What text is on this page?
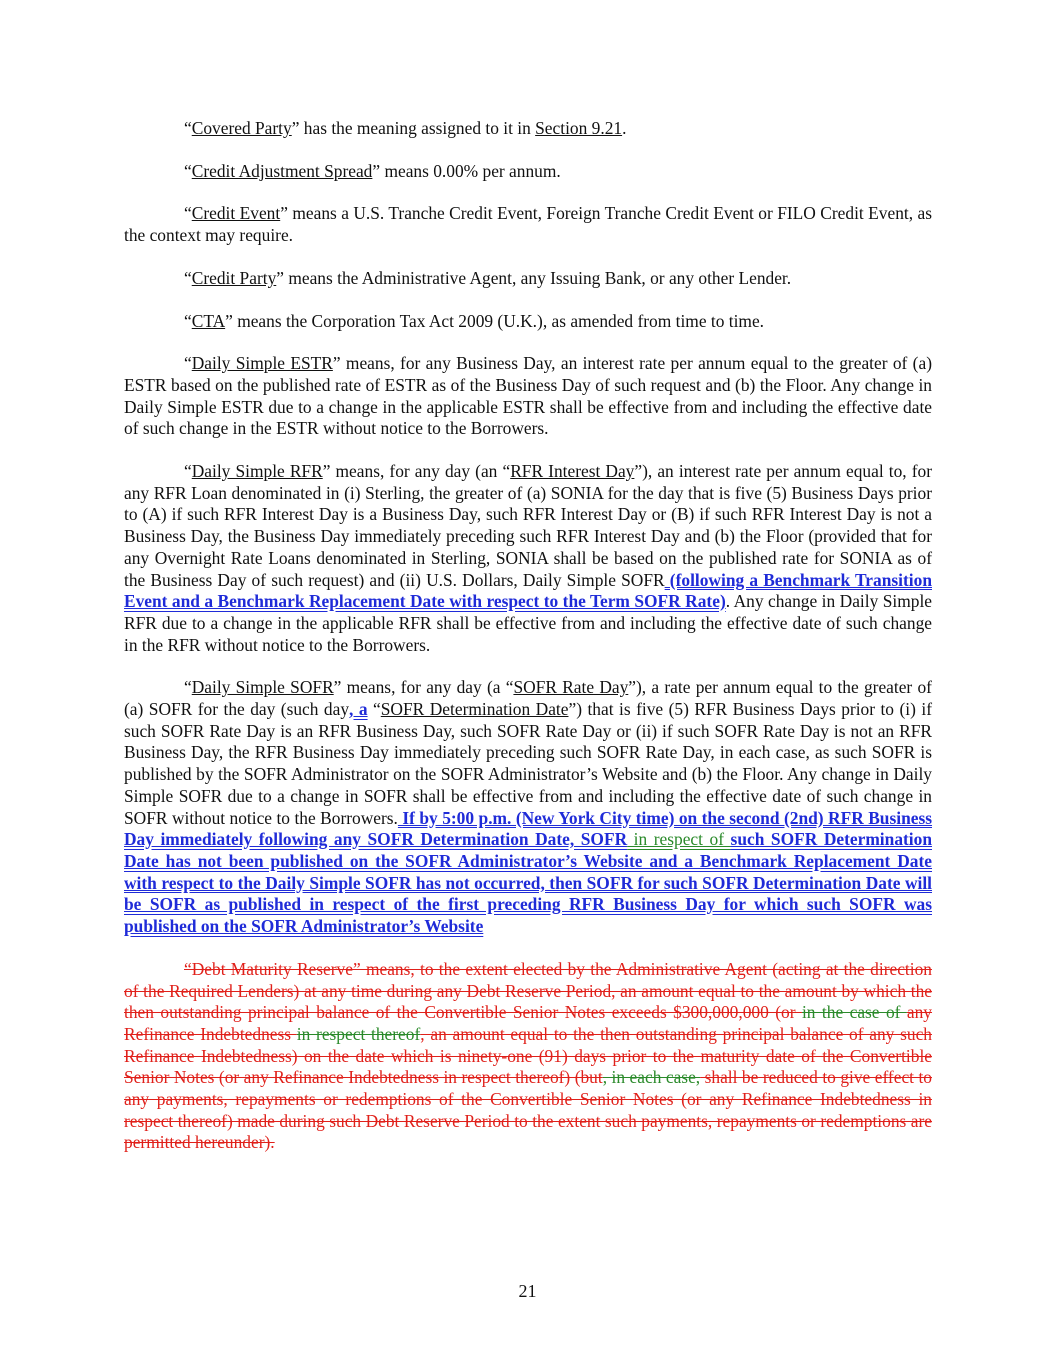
“Covered Party” has the meaning assigned to it in Section 9.21.

“Credit Adjustment Spread” means 0.00% per annum.

“Credit Event” means a U.S. Tranche Credit Event, Foreign Tranche Credit Event or FILO Credit Event, as the context may require.

“Credit Party” means the Administrative Agent, any Issuing Bank, or any other Lender.

“CTA” means the Corporation Tax Act 2009 (U.K.), as amended from time to time.

“Daily Simple ESTR” means, for any Business Day, an interest rate per annum equal to the greater of (a) ESTR based on the published rate of ESTR as of the Business Day of such request and (b) the Floor. Any change in Daily Simple ESTR due to a change in the applicable ESTR shall be effective from and including the effective date of such change in the ESTR without notice to the Borrowers.

“Daily Simple RFR” means, for any day (an “RFR Interest Day”), an interest rate per annum equal to, for any RFR Loan denominated in (i) Sterling, the greater of (a) SONIA for the day that is five (5) Business Days prior to (A) if such RFR Interest Day is a Business Day, such RFR Interest Day or (B) if such RFR Interest Day is not a Business Day, the Business Day immediately preceding such RFR Interest Day and (b) the Floor (provided that for any Overnight Rate Loans denominated in Sterling, SONIA shall be based on the published rate for SONIA as of the Business Day of such request) and (ii) U.S. Dollars, Daily Simple SOFR (following a Benchmark Transition Event and a Benchmark Replacement Date with respect to the Term SOFR Rate). Any change in Daily Simple RFR due to a change in the applicable RFR shall be effective from and including the effective date of such change in the RFR without notice to the Borrowers.

“Daily Simple SOFR” means, for any day (a “SOFR Rate Day”), a rate per annum equal to the greater of (a) SOFR for the day (such day, a “SOFR Determination Date”) that is five (5) RFR Business Days prior to (i) if such SOFR Rate Day is an RFR Business Day, such SOFR Rate Day or (ii) if such SOFR Rate Day is not an RFR Business Day, the RFR Business Day immediately preceding such SOFR Rate Day, in each case, as such SOFR is published by the SOFR Administrator on the SOFR Administrator’s Website and (b) the Floor. Any change in Daily Simple SOFR due to a change in SOFR shall be effective from and including the effective date of such change in SOFR without notice to the Borrowers. If by 5:00 p.m. (New York City time) on the second (2nd) RFR Business Day immediately following any SOFR Determination Date, SOFR in respect of such SOFR Determination Date has not been published on the SOFR Administrator’s Website and a Benchmark Replacement Date with respect to the Daily Simple SOFR has not occurred, then SOFR for such SOFR Determination Date will be SOFR as published in respect of the first preceding RFR Business Day for which such SOFR was published on the SOFR Administrator’s Website

“Debt Maturity Reserve” means, to the extent elected by the Administrative Agent (acting at the direction of the Required Lenders) at any time during any Debt Reserve Period, an amount equal to the amount by which the then outstanding principal balance of the Convertible Senior Notes exceeds $300,000,000 (or in the case of any Refinance Indebtedness in respect thereof, an amount equal to the then outstanding principal balance of any such Refinance Indebtedness) on the date which is ninety-one (91) days prior to the maturity date of the Convertible Senior Notes (or any Refinance Indebtedness in respect thereof) (but, in each case, shall be reduced to give effect to any payments, repayments or redemptions of the Convertible Senior Notes (or any Refinance Indebtedness in respect thereof) made during such Debt Reserve Period to the extent such payments, repayments or redemptions are permitted hereunder).

21
